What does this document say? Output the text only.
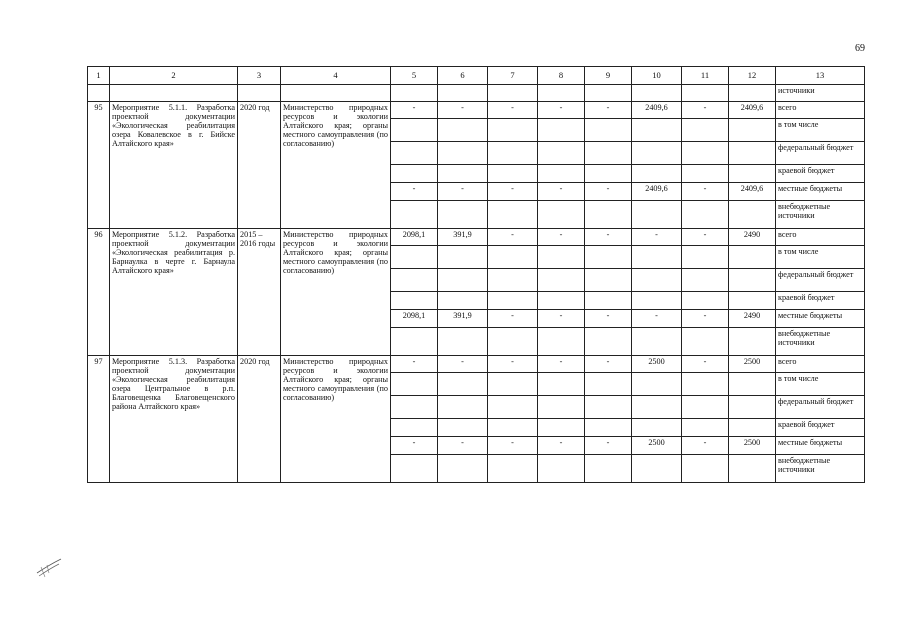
69
1	2	3	4	5	6	7	8	9	10	11	12	13
												источники
95	Мероприятие 5.1.1. Разработка проектной документации «Экологическая реабилитация озера Ковалевское в г. Бийске Алтайского края»	2020 год	Министерство природных ресурсов и экологии Алтайского края; органы местного самоуправления (по согласованию)	-	-	-	-	-	2409,6	-	2409,6	всего
												в том числе
												федеральный бюджет
												краевой бюджет
				-	-	-	-	-	2409,6	-	2409,6	местные бюджеты
												внебюджетные источники
96	Мероприятие 5.1.2. Разработка проектной документации «Экологическая реабилитация р. Барнаулка в черте г. Барнаула Алтайского края»	2015 – 2016 годы	Министерство природных ресурсов и экологии Алтайского края; органы местного самоуправления (по согласованию)	2098,1	391,9	-	-	-	-	-	2490	всего
												в том числе
												федеральный бюджет
												краевой бюджет
				2098,1	391,9	-	-	-	-	-	2490	местные бюджеты
												внебюджетные источники
97	Мероприятие 5.1.3. Разработка проектной документации «Экологическая реабилитация озера Центральное в р.п. Благовещенка Благовещенского района Алтайского края»	2020 год	Министерство природных ресурсов и экологии Алтайского края; органы местного самоуправления (по согласованию)	-	-	-	-	-	2500	-	2500	всего
												в том числе
												федеральный бюджет
												краевой бюджет
				-	-	-	-	-	2500	-	2500	местные бюджеты
												внебюджетные источники
